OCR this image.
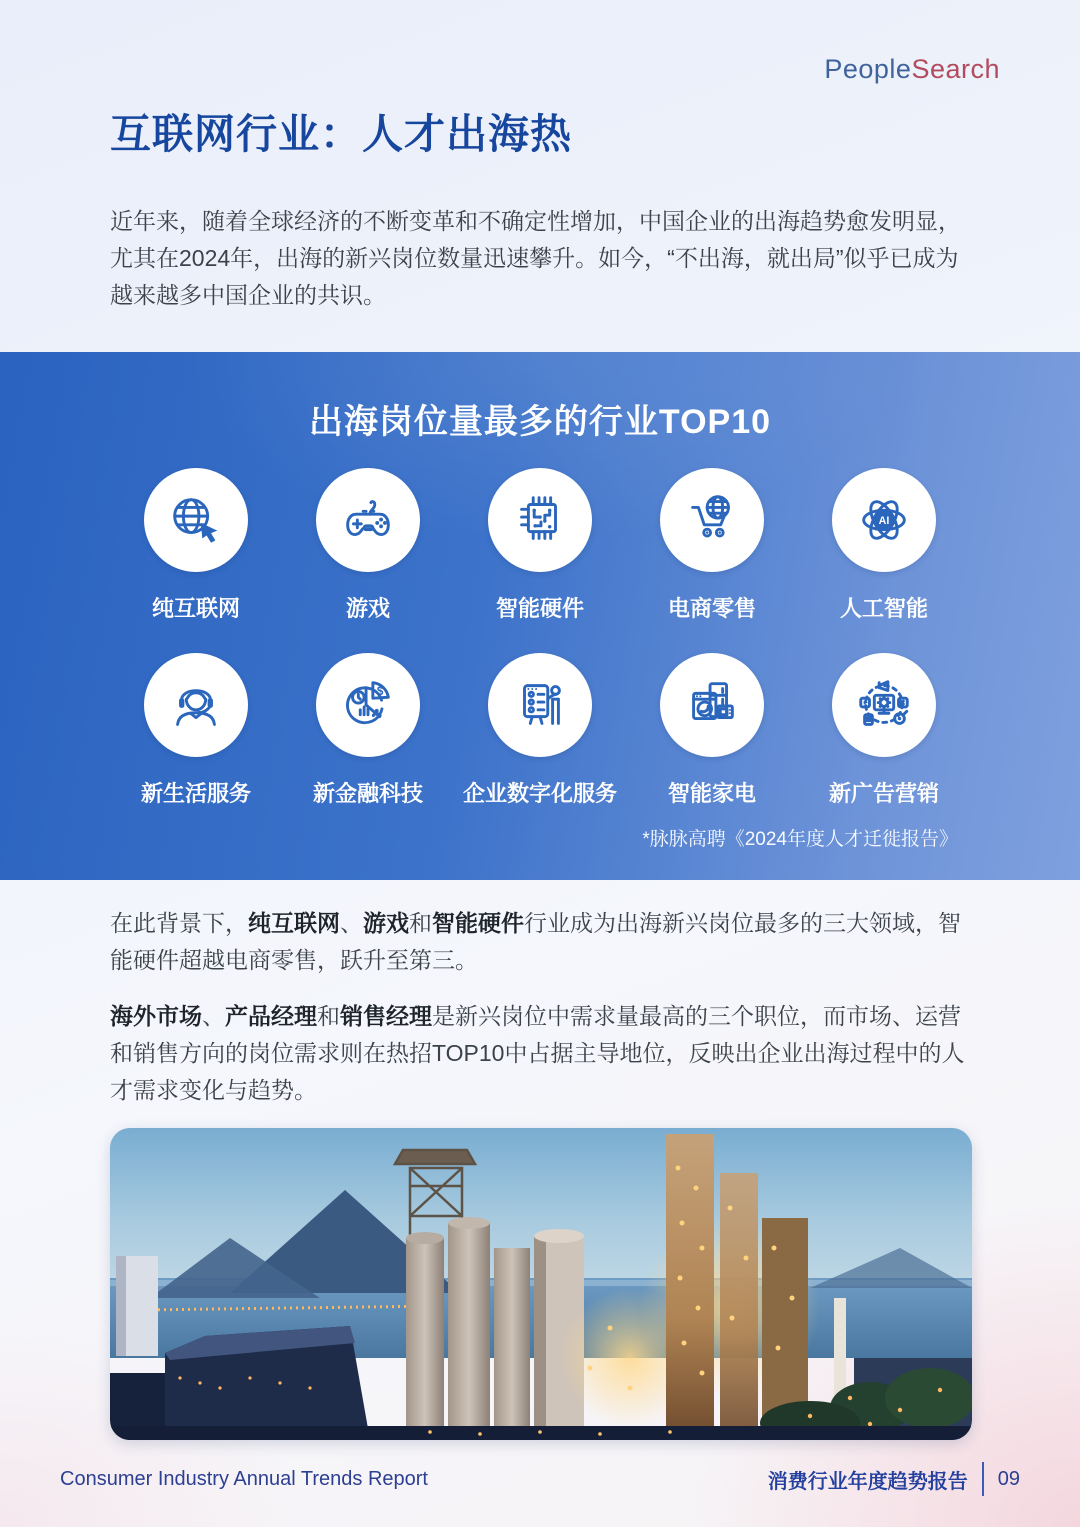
PeopleSearch
互联网行业：人才出海热
近年来，随着全球经济的不断变革和不确定性增加，中国企业的出海趋势愈发明显，尤其在2024年，出海的新兴岗位数量迅速攀升。如今，“不出海，就出局”似乎已成为越来越多中国企业的共识。
出海岗位量最多的行业TOP10
纯互联网	游戏	智能硬件	电商零售
AI
人工智能
新生活服务
$
新金融科技 企业数字化服务 智能家电	新广告营销
*脉脉高聘《2024年度人才迁徙报告》
在此背景下，纯互联网、游戏和智能硬件行业成为出海新兴岗位最多的三大领域，智能硬件超越电商零售，跃升至第三。
海外市场、产品经理和销售经理是新兴岗位中需求量最高的三个职位，而市场、运营和销售方向的岗位需求则在热招TOP10中占据主导地位，反映出企业出海过程中的人才需求变化与趋势。
Consumer Industry Annual Trends Report	消费行业年度趋势报告 09
